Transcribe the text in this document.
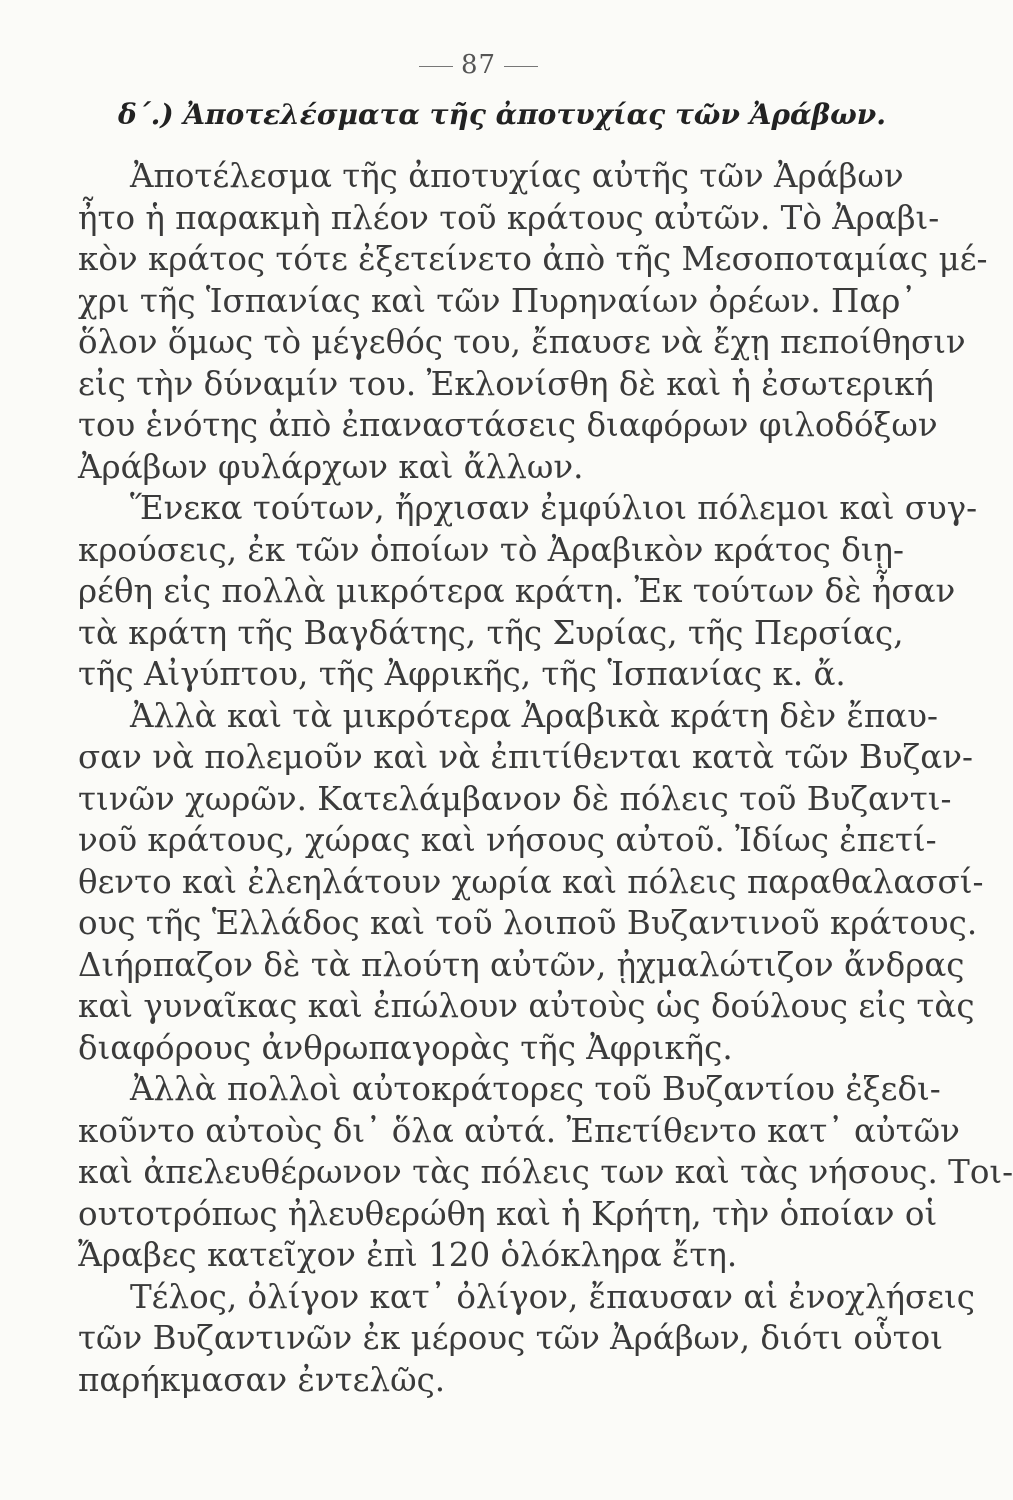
87
δ΄.) Ἀποτελέσματα τῆς ἀποτυχίας τῶν Ἀράβων.
Ἀποτέλεσμα τῆς ἀποτυχίας αὐτῆς τῶν Ἀράβων
ἦτο ἡ παρακμὴ πλέον τοῦ κράτους αὐτῶν. Τὸ Ἀραβι-
κὸν κράτος τότε ἐξετείνετο ἀπὸ τῆς Μεσοποταμίας μέ-
χρι τῆς Ἱσπανίας καὶ τῶν Πυρηναίων ὀρέων. Παρ᾽
ὅλον ὅμως τὸ μέγεθός του, ἔπαυσε νὰ ἔχῃ πεποίθησιν
εἰς τὴν δύναμίν του. Ἐκλονίσθη δὲ καὶ ἡ ἐσωτερική
του ἑνότης ἀπὸ ἐπαναστάσεις διαφόρων φιλοδόξων
Ἀράβων φυλάρχων καὶ ἄλλων.
Ἕνεκα τούτων, ἤρχισαν ἐμφύλιοι πόλεμοι καὶ συγ-
κρούσεις, ἐκ τῶν ὁποίων τὸ Ἀραβικὸν κράτος διῃ-
ρέθη εἰς πολλὰ μικρότερα κράτη. Ἐκ τούτων δὲ ἦσαν
τὰ κράτη τῆς Βαγδάτης, τῆς Συρίας, τῆς Περσίας,
τῆς Αἰγύπτου, τῆς Ἀφρικῆς, τῆς Ἱσπανίας κ. ἄ.
Ἀλλὰ καὶ τὰ μικρότερα Ἀραβικὰ κράτη δὲν ἔπαυ-
σαν νὰ πολεμοῦν καὶ νὰ ἐπιτίθενται κατὰ τῶν Βυζαν-
τινῶν χωρῶν. Κατελάμβανον δὲ πόλεις τοῦ Βυζαντι-
νοῦ κράτους, χώρας καὶ νήσους αὐτοῦ. Ἰδίως ἐπετί-
θεντο καὶ ἐλεηλάτουν χωρία καὶ πόλεις παραθαλασσί-
ους τῆς Ἑλλάδος καὶ τοῦ λοιποῦ Βυζαντινοῦ κράτους.
Διήρπαζον δὲ τὰ πλούτη αὐτῶν, ᾐχμαλώτιζον ἄνδρας
καὶ γυναῖκας καὶ ἐπώλουν αὐτοὺς ὡς δούλους εἰς τὰς
διαφόρους ἀνθρωπαγορὰς τῆς Ἀφρικῆς.
Ἀλλὰ πολλοὶ αὐτοκράτορες τοῦ Βυζαντίου ἐξεδι-
κοῦντο αὐτοὺς δι᾽ ὅλα αὐτά. Ἐπετίθεντο κατ᾽ αὐτῶν
καὶ ἀπελευθέρωνον τὰς πόλεις των καὶ τὰς νήσους. Τοι-
ουτοτρόπως ἠλευθερώθη καὶ ἡ Κρήτη, τὴν ὁποίαν οἱ
Ἄραβες κατεῖχον ἐπὶ 120 ὁλόκληρα ἔτη.
Τέλος, ὀλίγον κατ᾽ ὀλίγον, ἔπαυσαν αἱ ἐνοχλήσεις
τῶν Βυζαντινῶν ἐκ μέρους τῶν Ἀράβων, διότι οὗτοι
παρήκμασαν ἐντελῶς.
